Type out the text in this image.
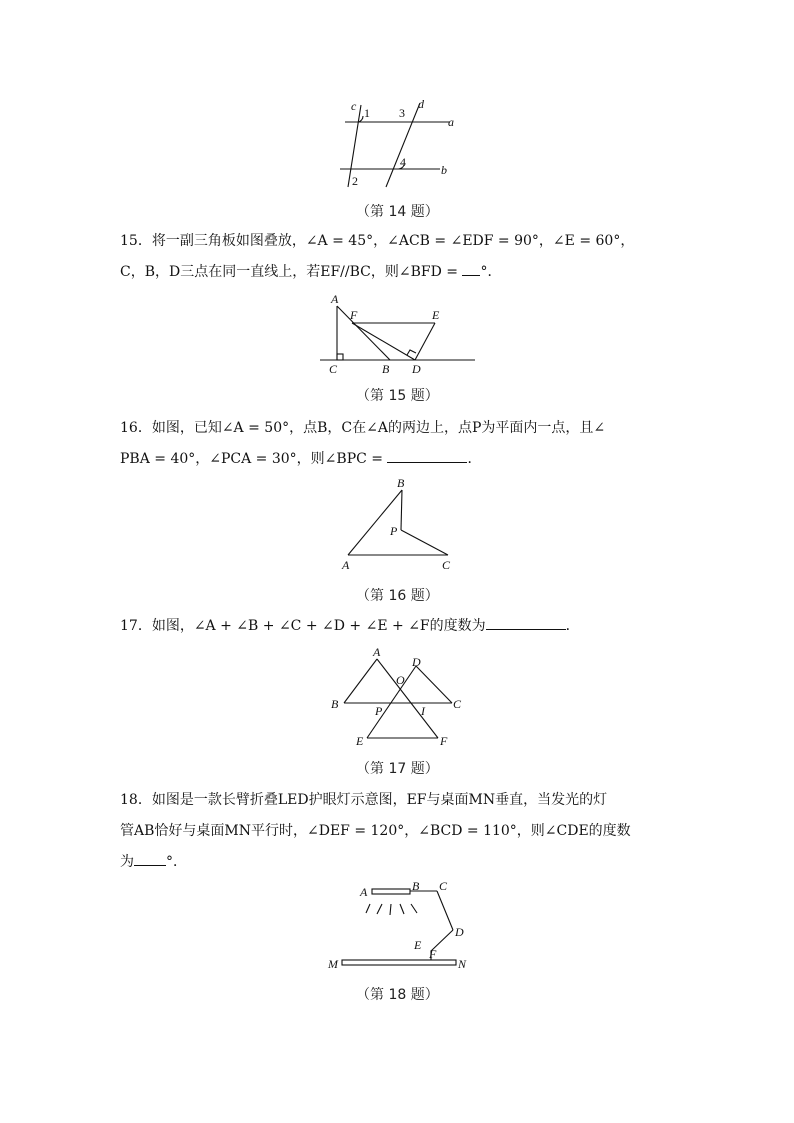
c 1 3
d
a
4
b
2
（第 14 题）
15．将一副三角板如图叠放，∠A = 45°，∠ACB = ∠EDF = 90°，∠E = 60°，
C，B，D三点在同一直线上，若EF//BC，则∠BFD = °．
A
F	E
C	B D
（第 15 题）
16．如图，已知∠A = 50°，点B，C在∠A的两边上，点P为平面内一点，且∠
PBA = 40°，∠PCA = 30°，则∠BPC =	．
B
P
A	C
（第 16 题）
17．如图，∠A + ∠B + ∠C + ∠D + ∠E + ∠F的度数为	．
A
D
O
B	C
P	I
E	F
（第 17 题）
18．如图是一款长臂折叠LED护眼灯示意图，EF与桌面MN垂直，当发光的灯
管AB恰好与桌面MN平行时，∠DEF = 120°，∠BCD = 110°，则∠CDE的度数
为 °．
A	B C
D
E
F
M	N
（第 18 题）
